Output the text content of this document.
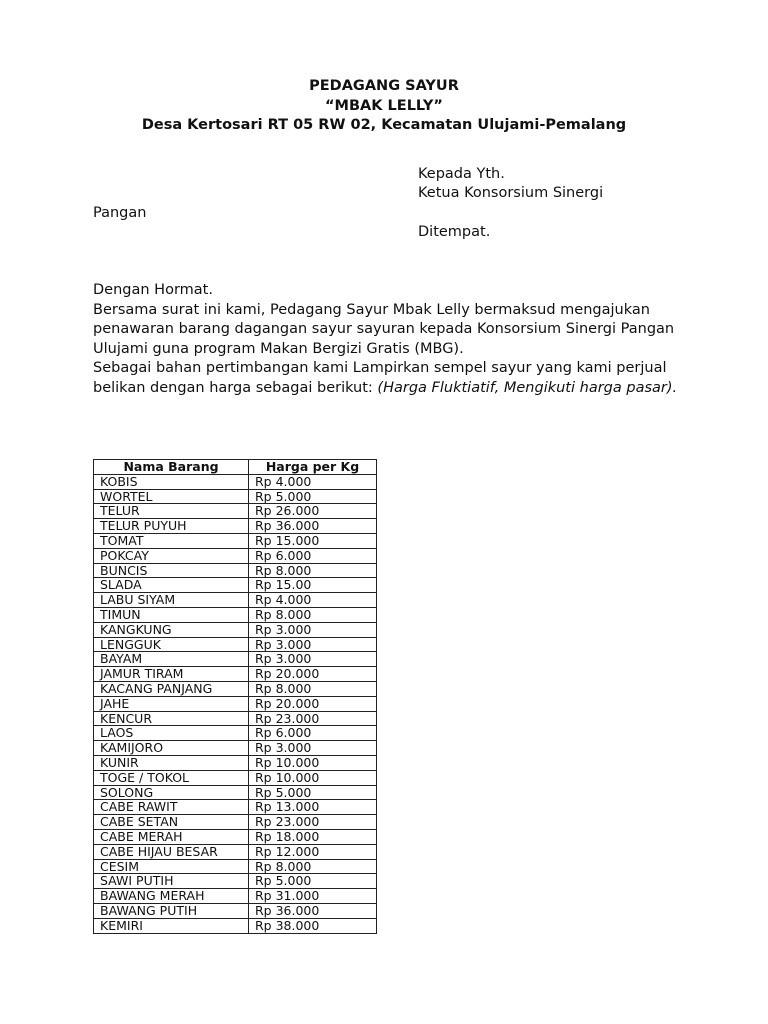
PEDAGANG SAYUR
“MBAK LELLY”
Desa Kertosari RT 05 RW 02, Kecamatan Ulujami-Pemalang
Kepada Yth.
Ketua Konsorsium Sinergi
Pangan
Ditempat.

Dengan Hormat.

Bersama surat ini kami, Pedagang Sayur Mbak Lelly bermaksud mengajukan penawaran barang dagangan sayur sayuran kepada Konsorsium Sinergi Pangan Ulujami guna program Makan Bergizi Gratis (MBG).

Sebagai bahan pertimbangan kami Lampirkan sempel sayur yang kami perjual belikan dengan harga sebagai berikut: (Harga Fluktiatif, Mengikuti harga pasar).

Nama Barang	Harga per Kg
KOBIS	Rp 4.000
WORTEL	Rp 5.000
TELUR	Rp 26.000
TELUR PUYUH	Rp 36.000
TOMAT	Rp 15.000
POKCAY	Rp 6.000
BUNCIS	Rp 8.000
SLADA	Rp 15.00
LABU SIYAM	Rp 4.000
TIMUN	Rp 8.000
KANGKUNG	Rp 3.000
LENGGUK	Rp 3.000
BAYAM	Rp 3.000
JAMUR TIRAM	Rp 20.000
KACANG PANJANG	Rp 8.000
JAHE	Rp 20.000
KENCUR	Rp 23.000
LAOS	Rp 6.000
KAMIJORO	Rp 3.000
KUNIR	Rp 10.000
TOGE / TOKOL	Rp 10.000
SOLONG	Rp 5.000
CABE RAWIT	Rp 13.000
CABE SETAN	Rp 23.000
CABE MERAH	Rp 18.000
CABE HIJAU BESAR	Rp 12.000
CESIM	Rp 8.000
SAWI PUTIH	Rp 5.000
BAWANG MERAH	Rp 31.000
BAWANG PUTIH	Rp 36.000
KEMIRI	Rp 38.000
